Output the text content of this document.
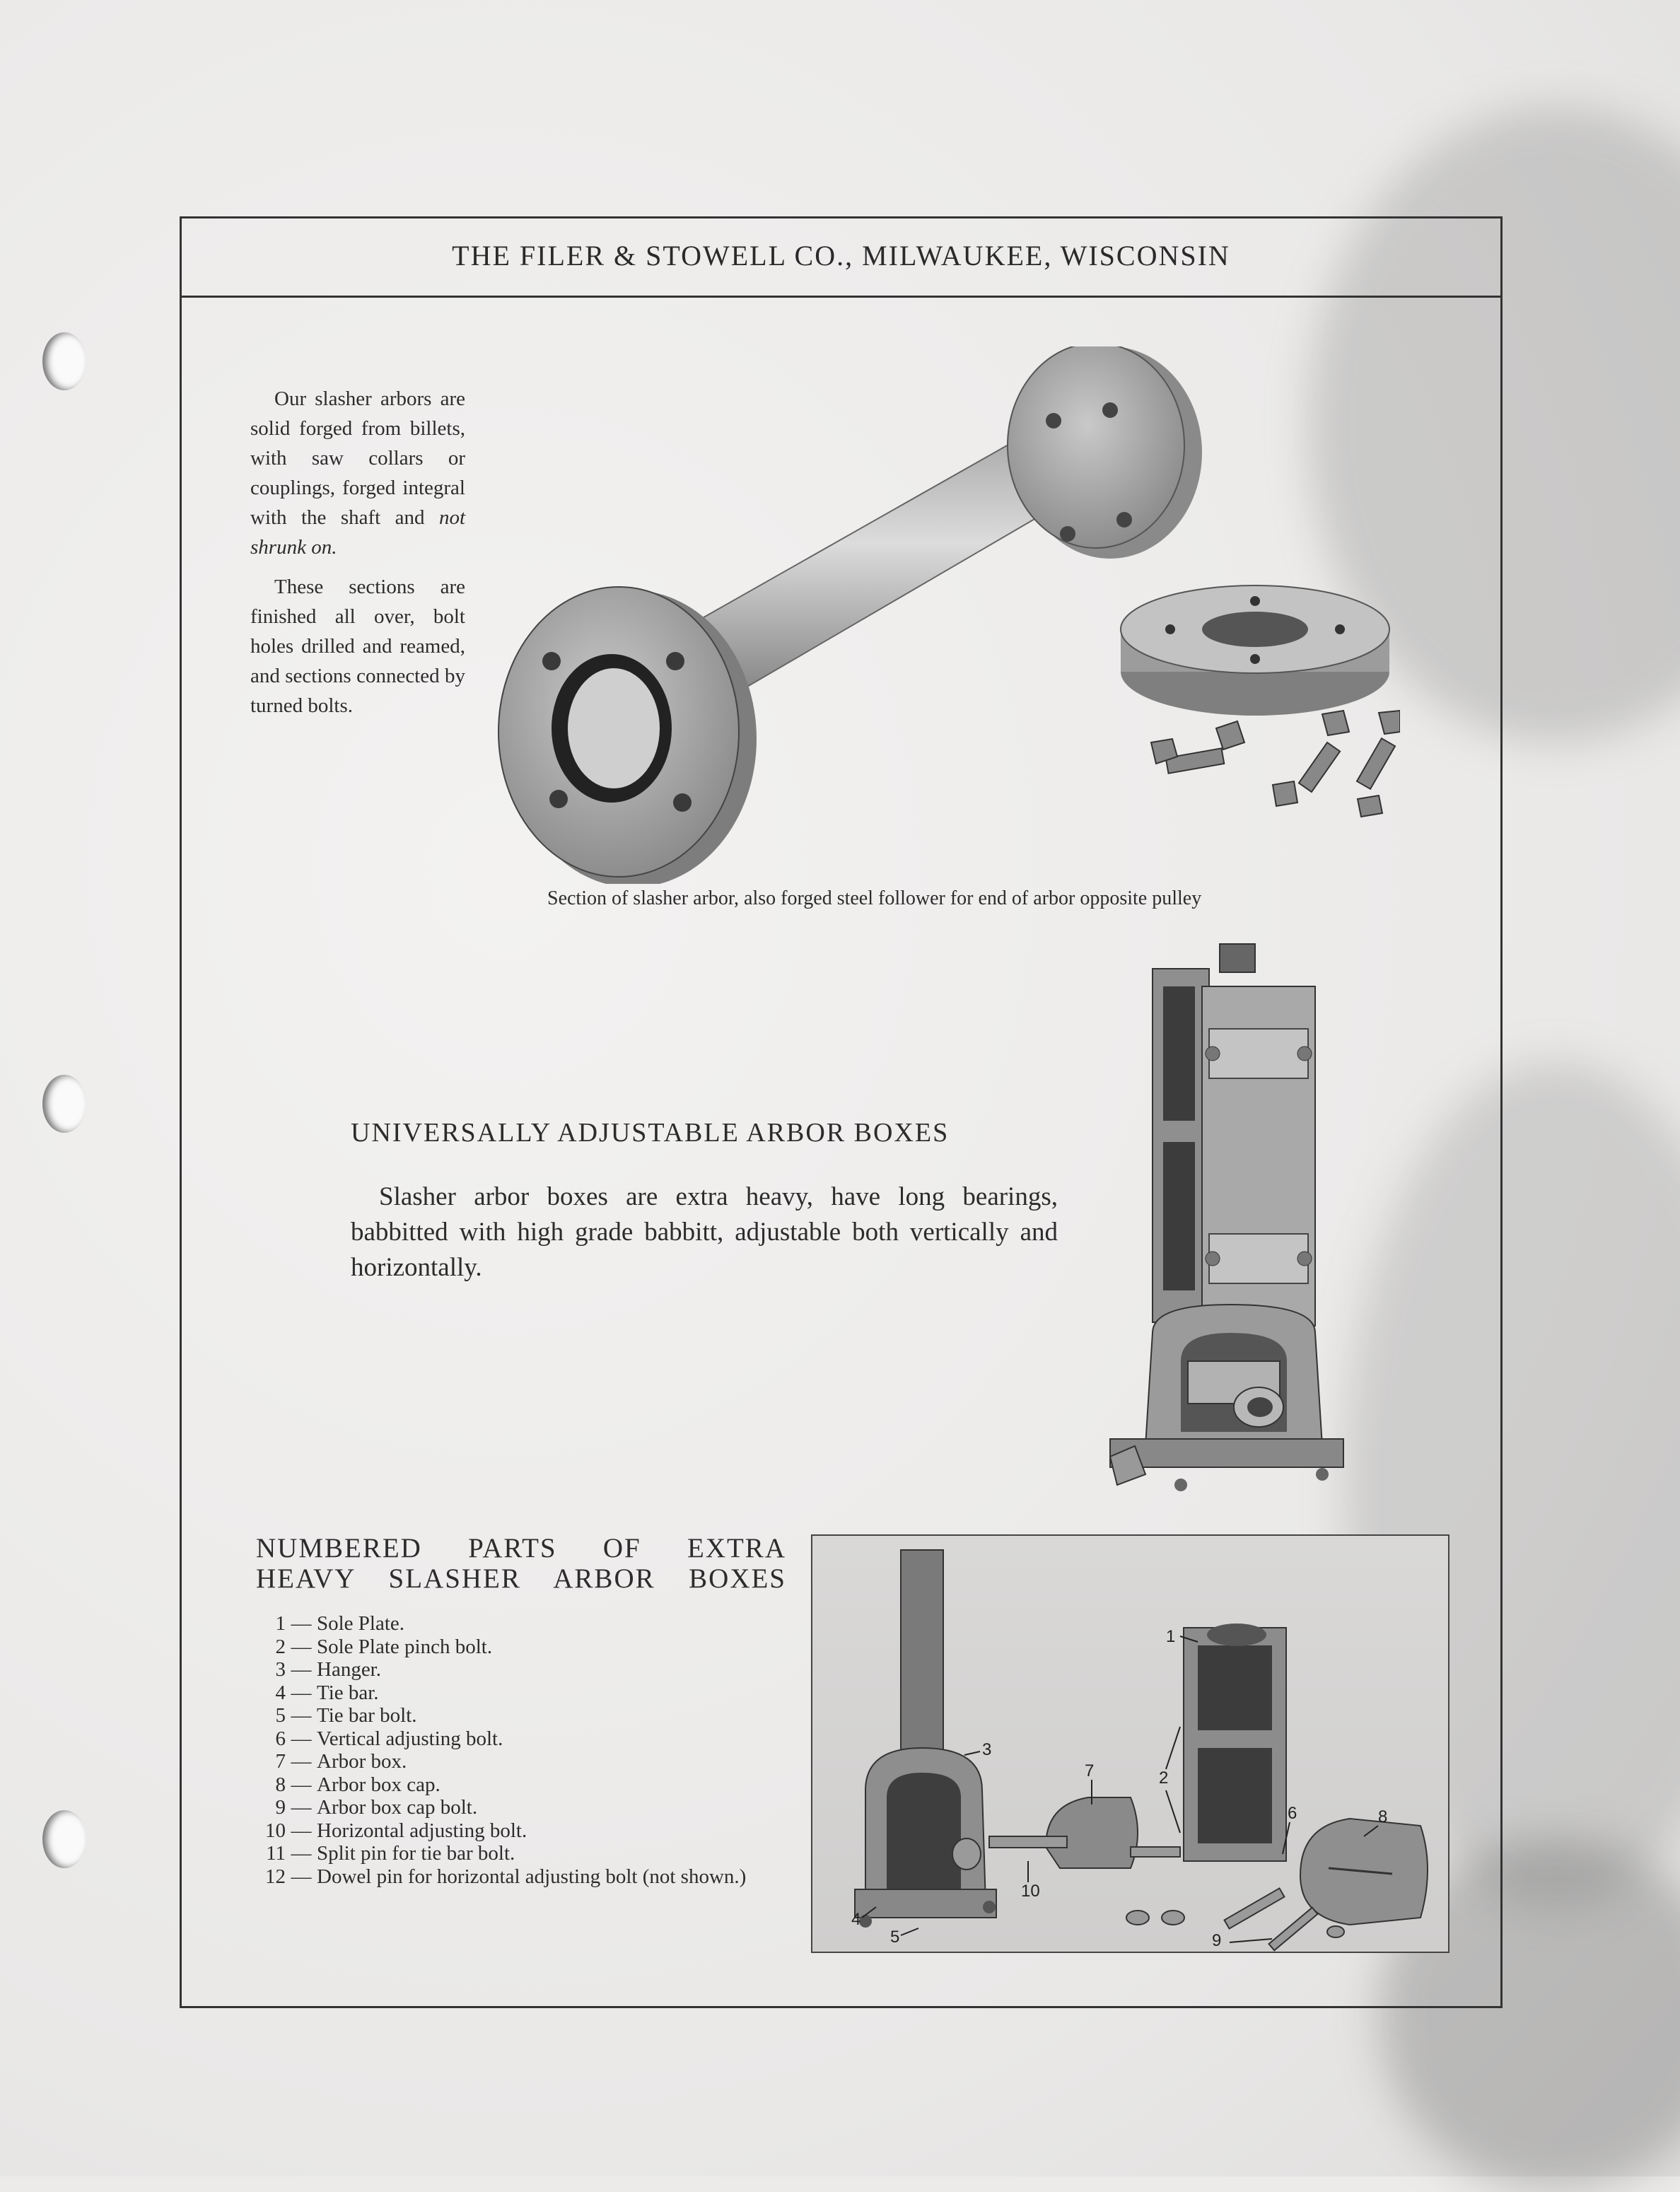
THE FILER & STOWELL CO., MILWAUKEE, WISCONSIN

Our slasher arbors are solid forged from billets, with saw collars or couplings, forged integral with the shaft and not shrunk on.

These sections are finished all over, bolt holes drilled and reamed, and sections connected by turned bolts.

Section of slasher arbor, also forged steel follower for end of arbor opposite pulley
UNIVERSALLY ADJUSTABLE ARBOR BOXES
Slasher arbor boxes are extra heavy, have long bearings, babbitted with high grade babbitt, adjustable both vertically and horizontally.
NUMBERED PARTS OF EXTRA
HEAVY SLASHER ARBOR BOXES
1 — Sole Plate.
2 — Sole Plate pinch bolt.
3 — Hanger.
4 — Tie bar.
5 — Tie bar bolt.
6 — Vertical adjusting bolt.
7 — Arbor box.
8 — Arbor box cap.
9 — Arbor box cap bolt.
10 — Horizontal adjusting bolt.
11 — Split pin for tie bar bolt.
12 — Dowel pin for horizontal adjusting bolt (not shown.)
1
2
3
4
5
6
7
8
9
10
